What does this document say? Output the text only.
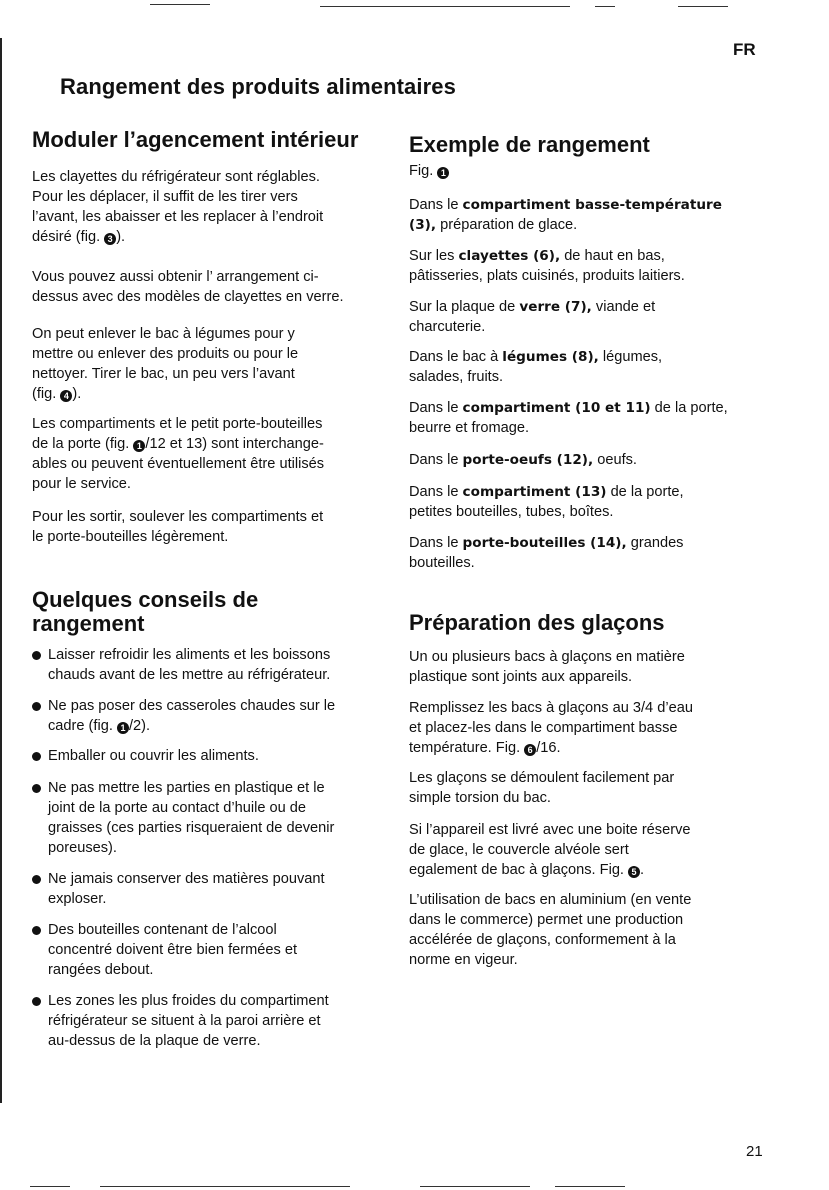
FR
Rangement des produits alimentaires
Moduler l’agencement intérieur

Les clayettes du réfrigérateur sont réglables.

Pour les déplacer, il suffit de les tirer vers

l’avant, les abaisser et les replacer à l’endroit

désiré (fig. 3 ).

Vous pouvez aussi obtenir l’ arrangement ci-

dessus avec des modèles de clayettes en verre.

On peut enlever le bac à légumes pour y

mettre ou enlever des produits ou pour le

nettoyer. Tirer le bac, un peu vers l’avant

(fig. 4 ).

Les compartiments et le petit porte-bouteilles

de la porte (fig. 1 /12 et 13) sont interchange-

ables ou peuvent éventuellement être utilisés

pour le service.

Pour les sortir, soulever les compartiments et

le porte-bouteilles légèrement.

Quelques conseils de
rangement
Laisser refroidir les aliments et les boissons
chauds avant de les mettre au réfrigérateur.
Ne pas poser des casseroles chaudes sur le
cadre (fig. 1 /2).
Emballer ou couvrir les aliments.
Ne pas mettre les parties en plastique et le
joint de la porte au contact d’huile ou de
graisses (ces parties risqueraient de devenir
poreuses).
Ne jamais conserver des matières pouvant
exploser.
Des bouteilles contenant de l’alcool
concentré doivent être bien fermées et
rangées debout.
Les zones les plus froides du compartiment
réfrigérateur se situent à la paroi arrière et
au-dessus de la plaque de verre.
Exemple de rangement
Fig. 1

Dans le compartiment basse-température

(3), préparation de glace.

Sur les clayettes (6), de haut en bas,

pâtisseries, plats cuisinés, produits laitiers.

Sur la plaque de verre (7), viande et

charcuterie.

Dans le bac à légumes (8), légumes,

salades, fruits.

Dans le compartiment (10 et 11) de la porte,

beurre et fromage.

Dans le porte-oeufs (12), oeufs.

Dans le compartiment (13) de la porte,

petites bouteilles, tubes, boîtes.

Dans le porte-bouteilles (14), grandes

bouteilles.

Préparation des glaçons

Un ou plusieurs bacs à glaçons en matière

plastique sont joints aux appareils.

Remplissez les bacs à glaçons au 3/4 d’eau

et placez-les dans le compartiment basse

température. Fig. 6 /16.

Les glaçons se démoulent facilement par

simple torsion du bac.

Si l’appareil est livré avec une boite réserve

de glace, le couvercle alvéole sert

egalement de bac à glaçons. Fig. 5 .

L’utilisation de bacs en aluminium (en vente

dans le commerce) permet une production

accélérée de glaçons, conformement à la

norme en vigeur.

21
